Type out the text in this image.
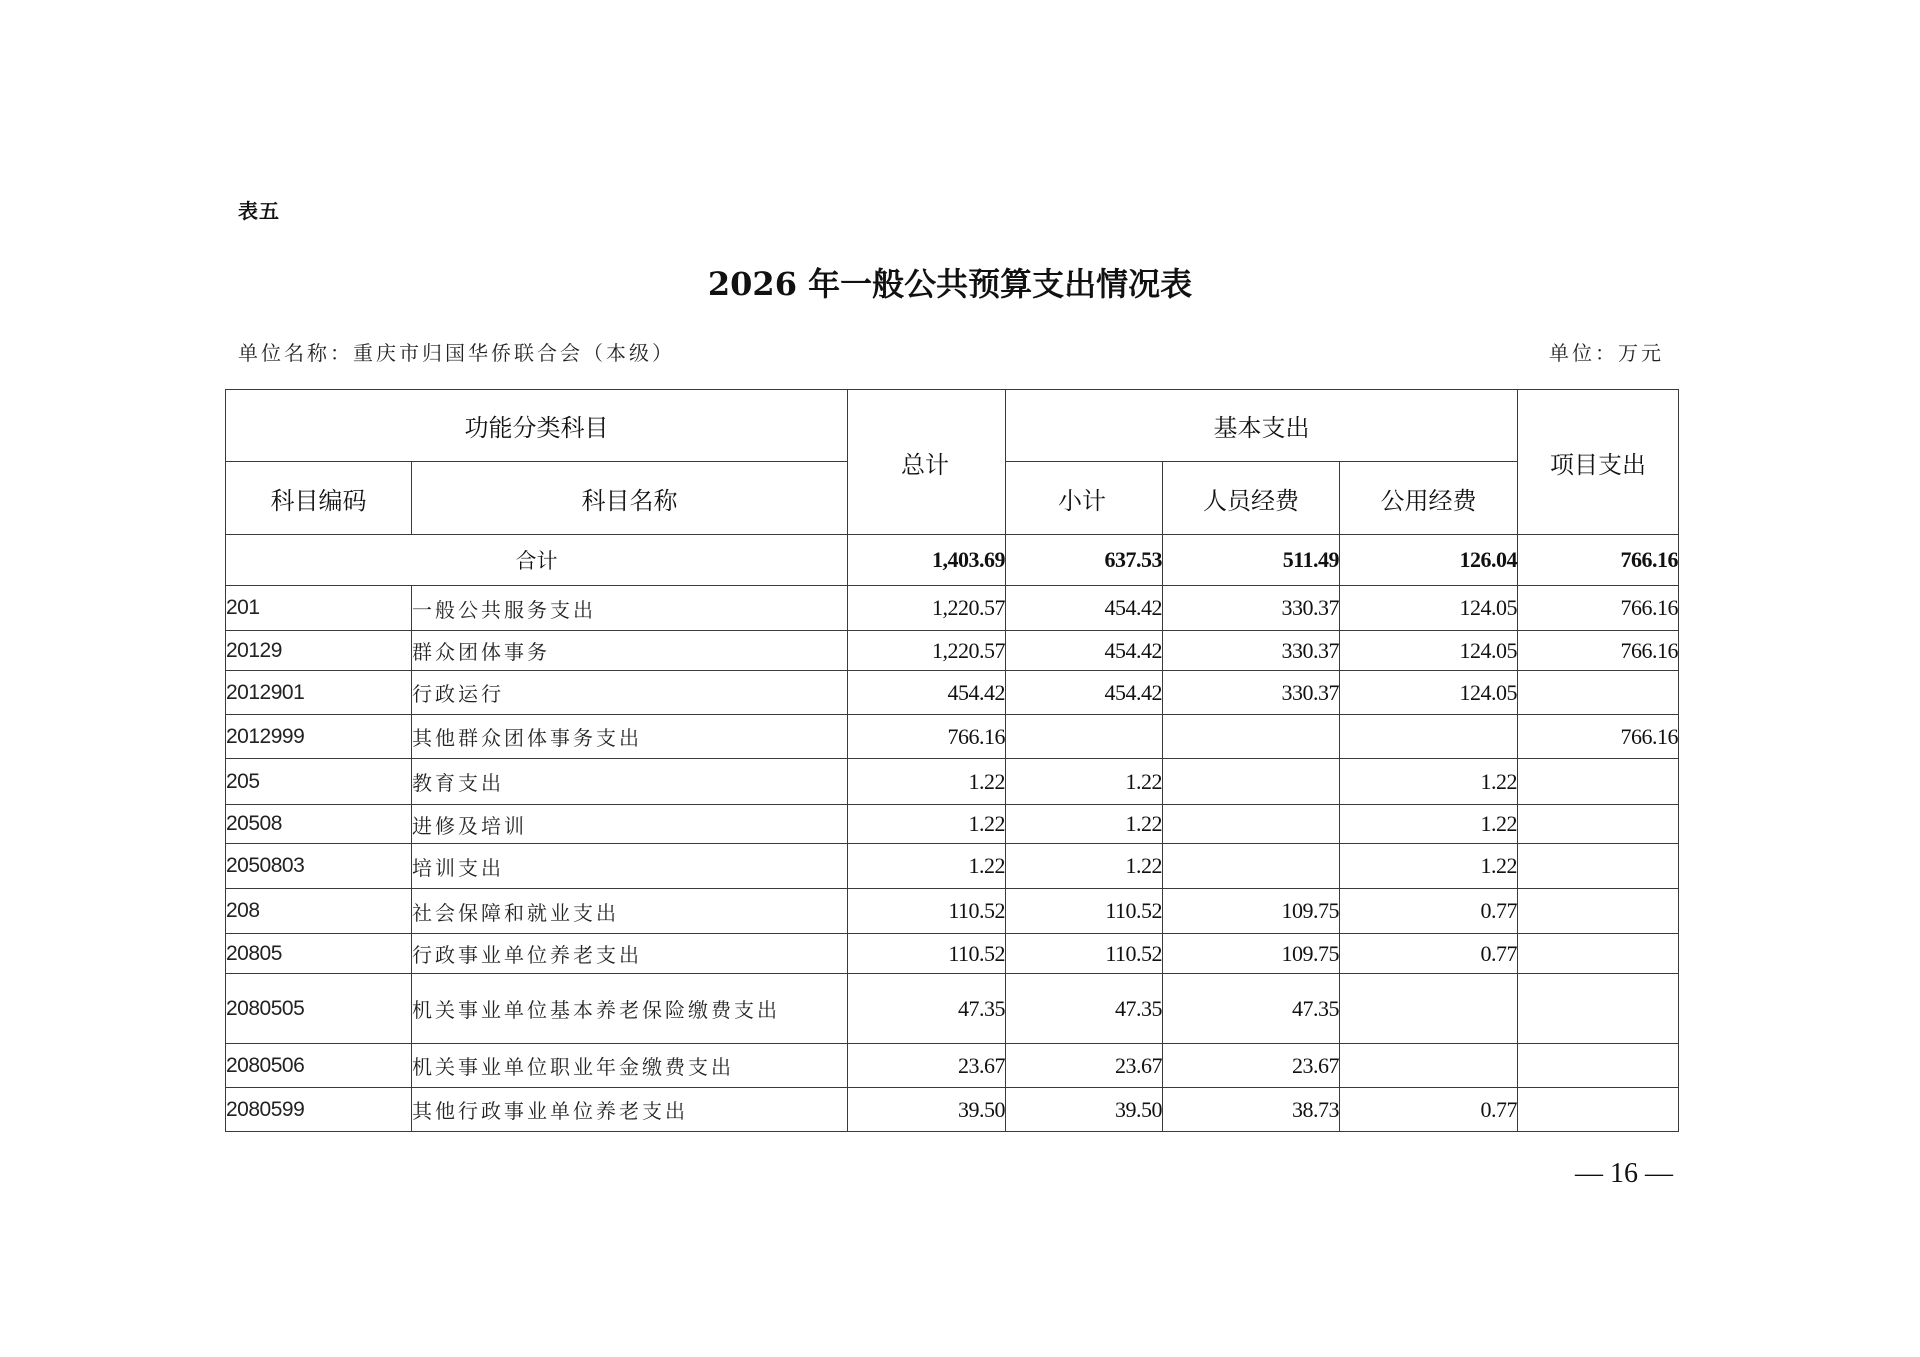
表五
2026 年一般公共预算支出情况表
单位名称：重庆市归国华侨联合会（本级）	单位：万元
功能分类科目		总计	基本支出			项目支出
科目编码	科目名称		小计	人员经费	公用经费	
合计		1,403.69	637.53	511.49	126.04	766.16
201	一般公共服务支出	1,220.57	454.42	330.37	124.05	766.16
20129	群众团体事务	1,220.57	454.42	330.37	124.05	766.16
2012901	行政运行	454.42	454.42	330.37	124.05	
2012999	其他群众团体事务支出	766.16				766.16
205	教育支出	1.22	1.22		1.22	
20508	进修及培训	1.22	1.22		1.22	
2050803	培训支出	1.22	1.22		1.22	
208	社会保障和就业支出	110.52	110.52	109.75	0.77	
20805	行政事业单位养老支出	110.52	110.52	109.75	0.77	
2080505	机关事业单位基本养老保险缴费支出	47.35	47.35	47.35		
2080506	机关事业单位职业年金缴费支出	23.67	23.67	23.67		
2080599	其他行政事业单位养老支出	39.50	39.50	38.73	0.77	
— 16 —
